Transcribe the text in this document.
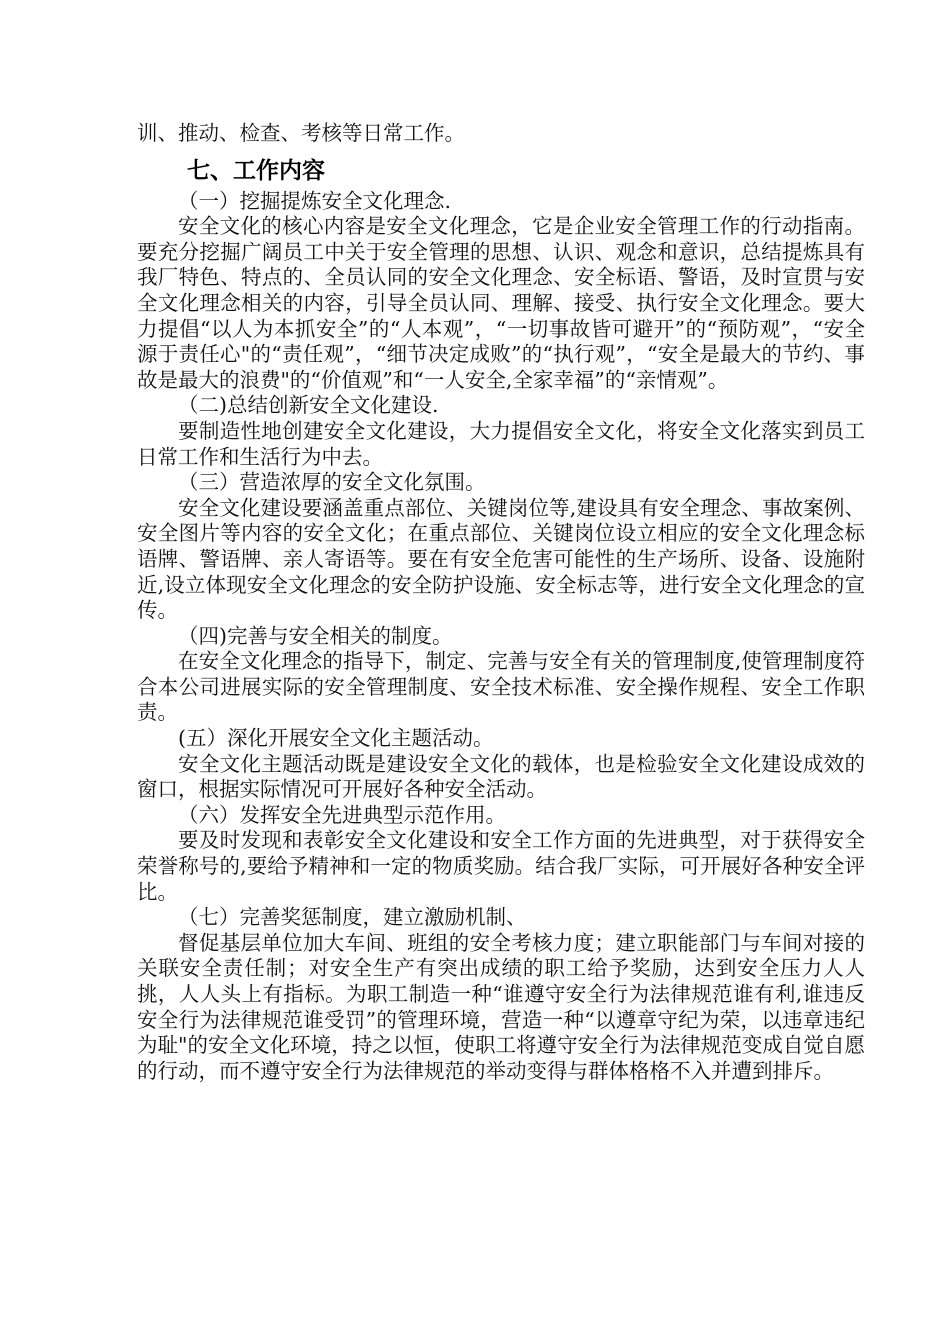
训、推动、检查、考核等日常工作。

七、工作内容

（一）挖掘提炼安全文化理念.

安全文化的核心内容是安全文化理念，它是企业安全管理工作的行动指南。要充分挖掘广阔员工中关于安全管理的思想、认识、观念和意识，总结提炼具有我厂特色、特点的、全员认同的安全文化理念、安全标语、警语，及时宣贯与安全文化理念相关的内容，引导全员认同、理解、接受、执行安全文化理念。要大力提倡“以人为本抓安全”的“人本观”，“一切事故皆可避开”的“预防观”，“安全源于责任心"的“责任观”，“细节决定成败”的“执行观”，“安全是最大的节约、事故是最大的浪费"的“价值观”和“一人安全,全家幸福”的“亲情观”。

（二)总结创新安全文化建设.

要制造性地创建安全文化建设，大力提倡安全文化，将安全文化落实到员工日常工作和生活行为中去。

（三）营造浓厚的安全文化氛围。

安全文化建设要涵盖重点部位、关键岗位等,建设具有安全理念、事故案例、安全图片等内容的安全文化；在重点部位、关键岗位设立相应的安全文化理念标语牌、警语牌、亲人寄语等。要在有安全危害可能性的生产场所、设备、设施附近,设立体现安全文化理念的安全防护设施、安全标志等，进行安全文化理念的宣传。

（四)完善与安全相关的制度。

在安全文化理念的指导下，制定、完善与安全有关的管理制度,使管理制度符合本公司进展实际的安全管理制度、安全技术标准、安全操作规程、安全工作职责。

(五）深化开展安全文化主题活动。

安全文化主题活动既是建设安全文化的载体，也是检验安全文化建设成效的窗口，根据实际情况可开展好各种安全活动。

（六）发挥安全先进典型示范作用。

要及时发现和表彰安全文化建设和安全工作方面的先进典型，对于获得安全荣誉称号的,要给予精神和一定的物质奖励。结合我厂实际，可开展好各种安全评比。

（七）完善奖惩制度，建立激励机制、

督促基层单位加大车间、班组的安全考核力度；建立职能部门与车间对接的关联安全责任制；对安全生产有突出成绩的职工给予奖励，达到安全压力人人挑，人人头上有指标。为职工制造一种“谁遵守安全行为法律规范谁有利,谁违反安全行为法律规范谁受罚”的管理环境，营造一种“以遵章守纪为荣，以违章违纪为耻"的安全文化环境，持之以恒，使职工将遵守安全行为法律规范变成自觉自愿的行动，而不遵守安全行为法律规范的举动变得与群体格格不入并遭到排斥。
